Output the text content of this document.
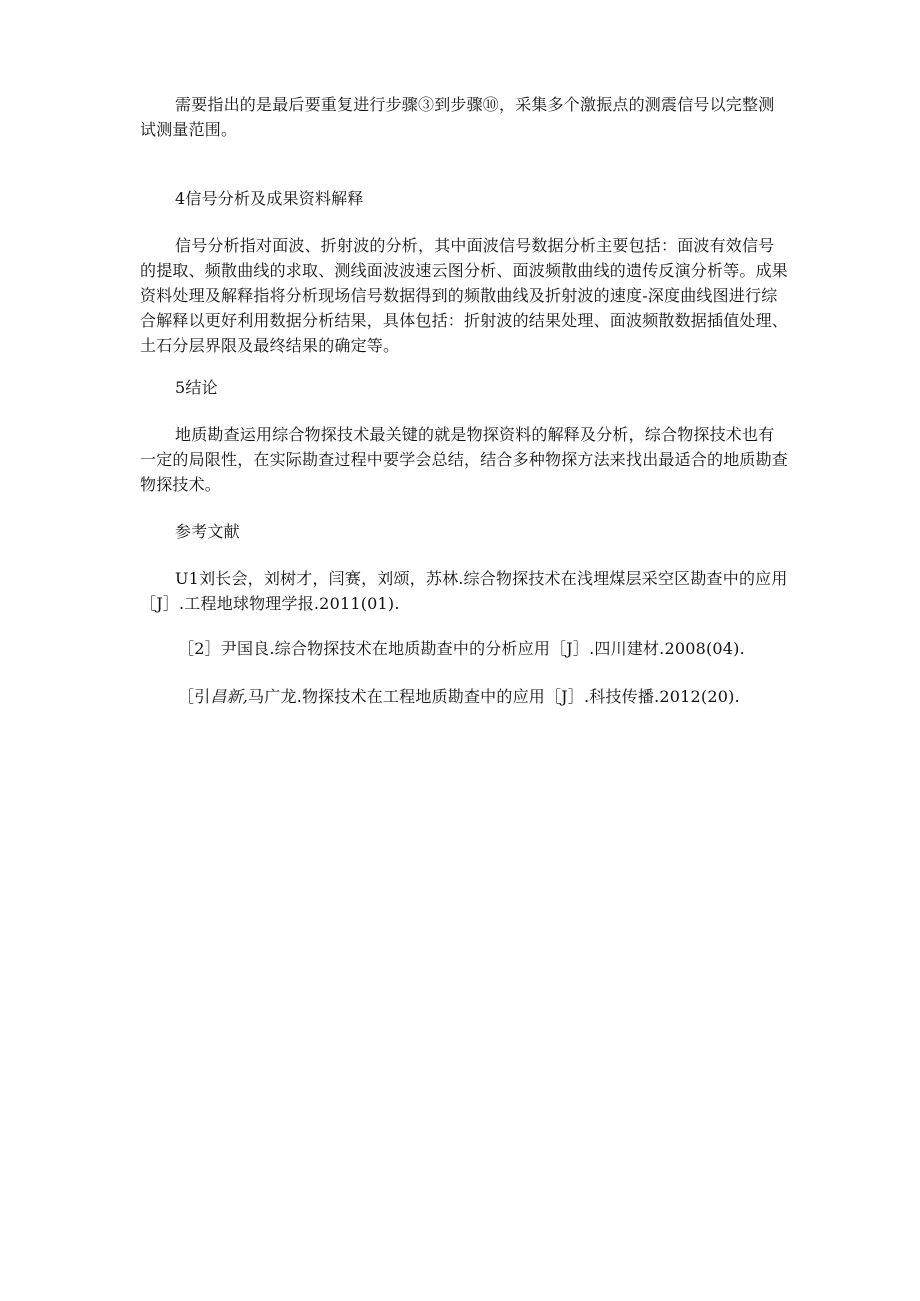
需要指出的是最后要重复进行步骤③到步骤⑩，采集多个激振点的测震信号以完整测试测量范围。

4信号分析及成果资料解释

信号分析指对面波、折射波的分析，其中面波信号数据分析主要包括：面波有效信号的提取、频散曲线的求取、测线面波波速云图分析、面波频散曲线的遗传反演分析等。成果资料处理及解释指将分析现场信号数据得到的频散曲线及折射波的速度-深度曲线图进行综合解释以更好利用数据分析结果，具体包括：折射波的结果处理、面波频散数据插值处理、土石分层界限及最终结果的确定等。

5结论

地质勘查运用综合物探技术最关键的就是物探资料的解释及分析，综合物探技术也有一定的局限性，在实际勘查过程中要学会总结，结合多种物探方法来找出最适合的地质勘查物探技术。

参考文献

U1刘长会，刘树才，闫赛，刘颂，苏林.综合物探技术在浅埋煤层采空区勘查中的应用［J］.工程地球物理学报.2011(01).

［2］尹国良.综合物探技术在地质勘查中的分析应用［J］.四川建材.2008(04).

［引昌新,马广龙.物探技术在工程地质勘查中的应用［J］.科技传播.2012(20).
